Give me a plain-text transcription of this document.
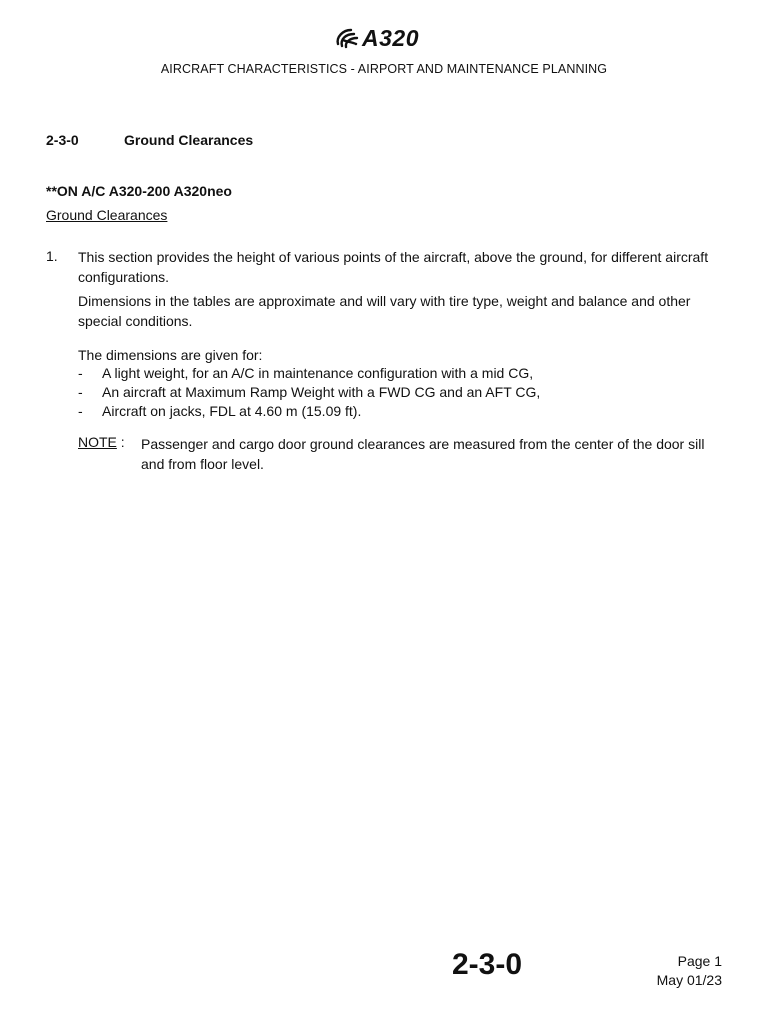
A320
AIRCRAFT CHARACTERISTICS - AIRPORT AND MAINTENANCE PLANNING
2-3-0	Ground Clearances
**ON A/C A320-200 A320neo
Ground Clearances
1. This section provides the height of various points of the aircraft, above the ground, for different aircraft configurations.
Dimensions in the tables are approximate and will vary with tire type, weight and balance and other special conditions.
The dimensions are given for:
- A light weight, for an A/C in maintenance configuration with a mid CG,
- An aircraft at Maximum Ramp Weight with a FWD CG and an AFT CG,
- Aircraft on jacks, FDL at 4.60 m (15.09 ft).
NOTE : Passenger and cargo door ground clearances are measured from the center of the door sill and from floor level.
2-3-0	Page 1
May 01/23
